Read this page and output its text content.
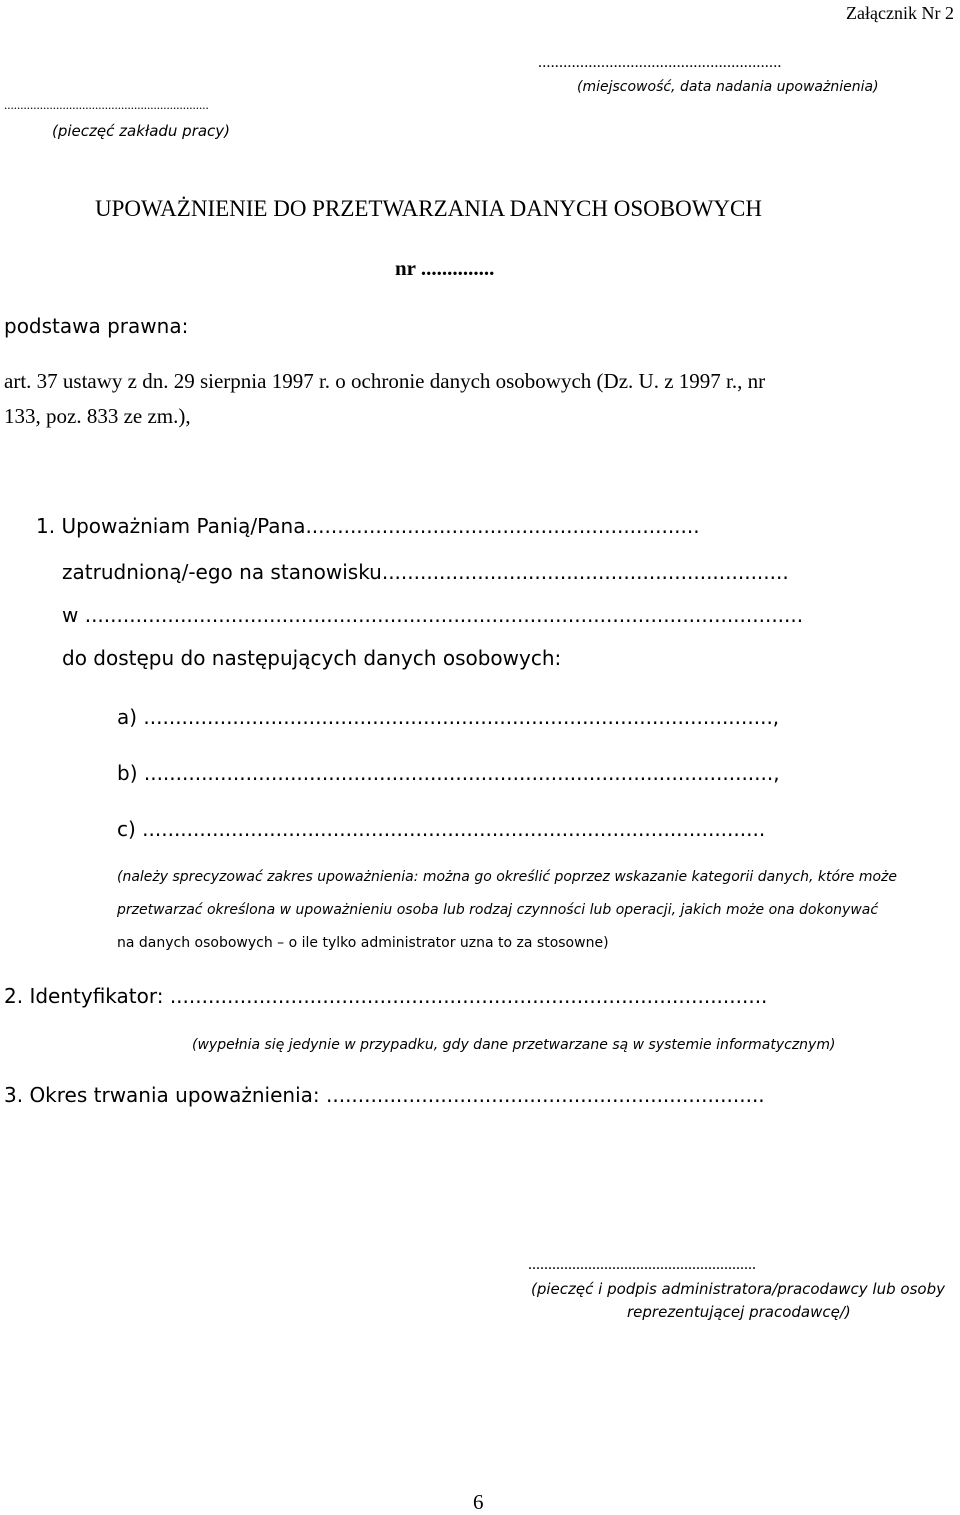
Załącznik Nr 2
..........................................................
(miejscowość, data nadania upoważnienia)
...............................................................
(pieczęć zakładu pracy)
UPOWAŻNIENIE DO PRZETWARZANIA DANYCH OSOBOWYCH
nr ..............
podstawa prawna:
art. 37 ustawy z dn. 29 sierpnia 1997 r. o ochronie danych osobowych (Dz. U. z 1997 r., nr
133, poz. 833 ze zm.),
1. Upoważniam Panią/Pana..............................................................
zatrudnioną/-ego na stanowisku................................................................
w .................................................................................................................
do dostępu do następujących danych osobowych:
a) ...................................................................................................,
b) ...................................................................................................,
c) ..................................................................................................
(należy sprecyzować zakres upoważnienia: można go określić poprzez wskazanie kategorii danych, które może
przetwarzać określona w upoważnieniu osoba lub rodzaj czynności lub operacji, jakich może ona dokonywać
na danych osobowych – o ile tylko administrator uzna to za stosowne)
2. Identyfikator: ..............................................................................................
(wypełnia się jedynie w przypadku, gdy dane przetwarzane są w systemie informatycznym)
3. Okres trwania upoważnienia: .....................................................................
.........................................................
(pieczęć i podpis administratora/pracodawcy lub osoby
reprezentującej pracodawcę/)
6
